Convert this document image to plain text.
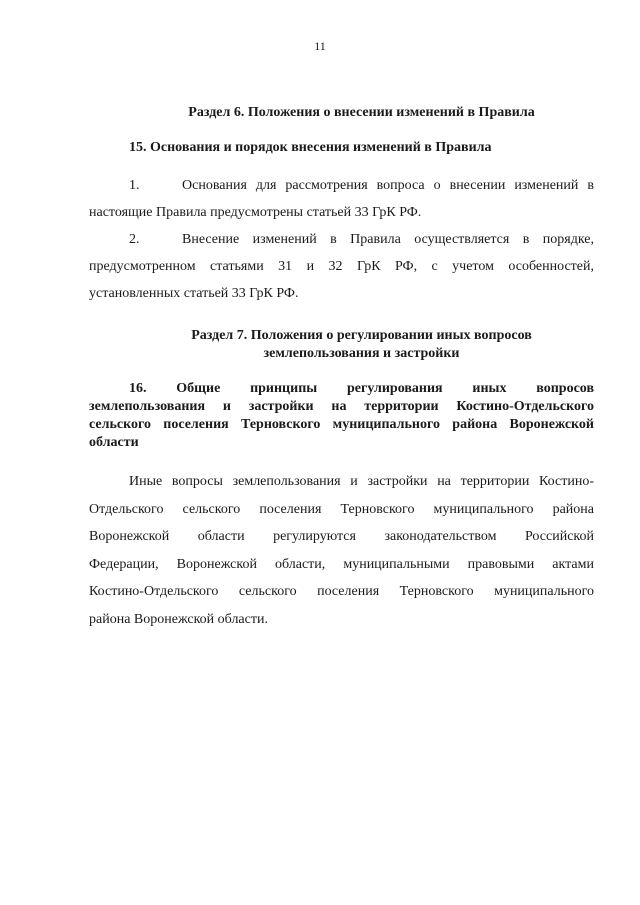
11
Раздел 6. Положения о внесении изменений в Правила
15. Основания и порядок внесения изменений в Правила
1.	Основания для рассмотрения вопроса о внесении изменений в
настоящие Правила предусмотрены статьей 33 ГрК РФ.
2.	Внесение изменений в Правила осуществляется в порядке,
предусмотренном статьями 31 и 32 ГрК РФ, с учетом особенностей,
установленных статьей 33 ГрК РФ.
Раздел 7. Положения о регулировании иных вопросов
землепользования и застройки
16. Общие принципы регулирования иных вопросов
землепользования и застройки на территории Костино-Отдельского
сельского поселения Терновского муниципального района Воронежской
области
Иные вопросы землепользования и застройки на территории Костино-
Отдельского сельского поселения Терновского муниципального района
Воронежской области регулируются законодательством Российской
Федерации, Воронежской области, муниципальными правовыми актами
Костино-Отдельского сельского поселения Терновского муниципального
района Воронежской области.
